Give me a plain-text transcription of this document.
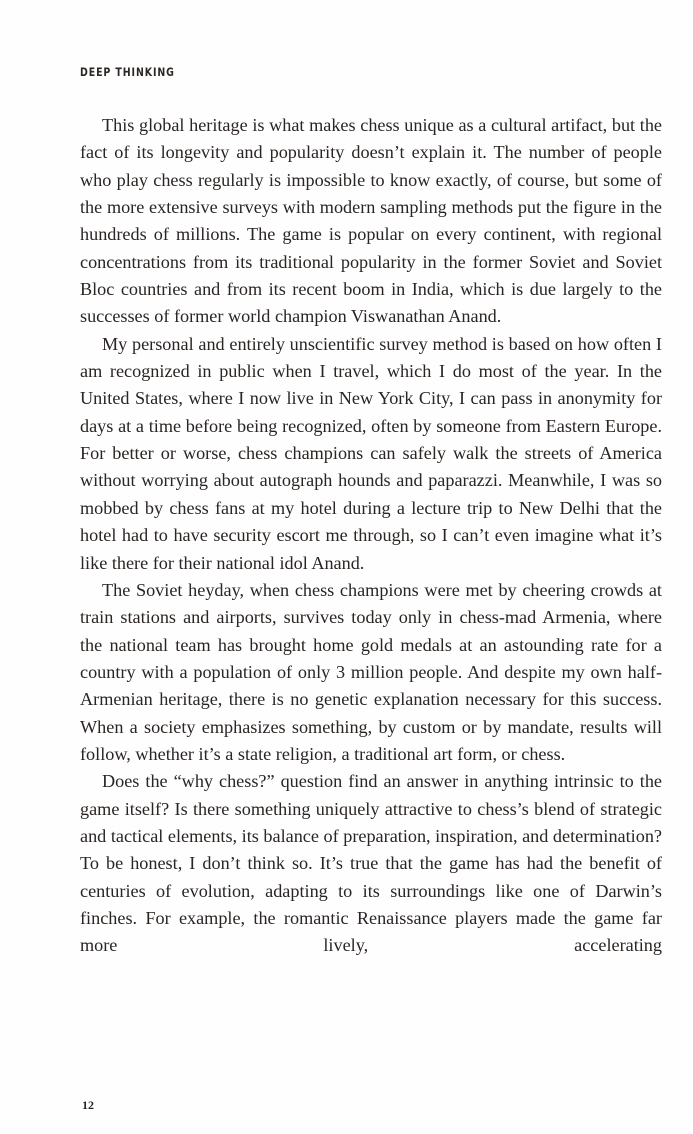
DEEP THINKING

This global heritage is what makes chess unique as a cultural artifact, but the fact of its longevity and popularity doesn’t explain it. The number of people who play chess regularly is impossible to know exactly, of course, but some of the more extensive surveys with modern sampling methods put the figure in the hundreds of millions. The game is popular on every continent, with regional concentrations from its traditional popularity in the former Soviet and Soviet Bloc countries and from its recent boom in India, which is due largely to the successes of former world champion Viswanathan Anand.

My personal and entirely unscientific survey method is based on how often I am recognized in public when I travel, which I do most of the year. In the United States, where I now live in New York City, I can pass in anonymity for days at a time before being recognized, often by someone from Eastern Europe. For better or worse, chess champions can safely walk the streets of America without worrying about autograph hounds and paparazzi. Meanwhile, I was so mobbed by chess fans at my hotel during a lecture trip to New Delhi that the hotel had to have security escort me through, so I can’t even imagine what it’s like there for their national idol Anand.

The Soviet heyday, when chess champions were met by cheering crowds at train stations and airports, survives today only in chess-mad Armenia, where the national team has brought home gold medals at an astounding rate for a country with a population of only 3 million people. And despite my own half-Armenian heritage, there is no genetic explanation necessary for this success. When a society emphasizes something, by custom or by mandate, results will follow, whether it’s a state religion, a traditional art form, or chess.

Does the “why chess?” question find an answer in anything intrinsic to the game itself? Is there something uniquely attractive to chess’s blend of strategic and tactical elements, its balance of preparation, inspiration, and determination? To be honest, I don’t think so. It’s true that the game has had the benefit of centuries of evolution, adapting to its surroundings like one of Darwin’s finches. For example, the romantic Renaissance players made the game far more lively, accelerating

12
